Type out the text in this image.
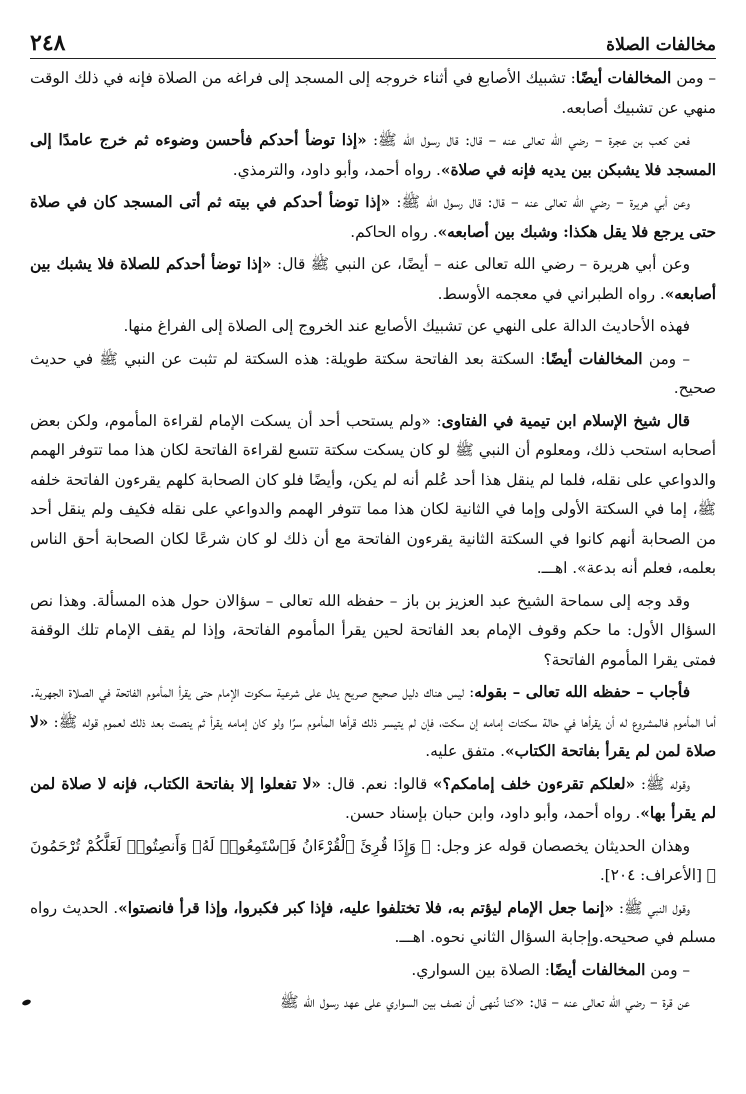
مخالفات الصلاة
٢٤٨

– ومن المخالفات أيضًا: تشبيك الأصابع في أثناء خروجه إلى المسجد إلى فراغه من الصلاة فإنه في ذلك الوقت منهي عن تشبيك أصابعه.

فعن كعب بن عجرة – رضي الله تعالى عنه – قال: قال رسول الله ﷺ: «إذا توضأ أحدكم فأحسن وضوءه ثم خرج عامدًا إلى المسجد فلا يشبكن بين يديه فإنه في صلاة». رواه أحمد، وأبو داود، والترمذي.

وعن أبي هريرة – رضي الله تعالى عنه – قال: قال رسول الله ﷺ: «إذا توضأ أحدكم في بيته ثم أتى المسجد كان في صلاة حتى يرجع فلا يقل هكذا: وشبك بين أصابعه». رواه الحاكم.

وعن أبي هريرة – رضي الله تعالى عنه – أيضًا، عن النبي ﷺ قال: «إذا توضأ أحدكم للصلاة فلا يشبك بين أصابعه». رواه الطبراني في معجمه الأوسط.

فهذه الأحاديث الدالة على النهي عن تشبيك الأصابع عند الخروج إلى الصلاة إلى الفراغ منها.

– ومن المخالفات أيضًا: السكتة بعد الفاتحة سكتة طويلة: هذه السكتة لم تثبت عن النبي ﷺ في حديث صحيح.

قال شيخ الإسلام ابن تيمية في الفتاوى: «ولم يستحب أحد أن يسكت الإمام لقراءة المأموم، ولكن بعض أصحابه استحب ذلك، ومعلوم أن النبي ﷺ لو كان يسكت سكتة تتسع لقراءة الفاتحة لكان هذا مما تتوفر الهمم والدواعي على نقله، فلما لم ينقل هذا أحد عُلم أنه لم يكن، وأيضًا فلو كان الصحابة كلهم يقرءون الفاتحة خلفه ﷺ، إما في السكتة الأولى وإما في الثانية لكان هذا مما تتوفر الهمم والدواعي على نقله فكيف ولم ينقل أحد من الصحابة أنهم كانوا في السكتة الثانية يقرءون الفاتحة مع أن ذلك لو كان شرعًا لكان الصحابة أحق الناس بعلمه، فعلم أنه بدعة». اهـــ.

وقد وجه إلى سماحة الشيخ عبد العزيز بن باز – حفظه الله تعالى – سؤالان حول هذه المسألة. وهذا نص السؤال الأول: ما حكم وقوف الإمام بعد الفاتحة لحين يقرأ المأموم الفاتحة، وإذا لم يقف الإمام تلك الوقفة فمتى يقرا المأموم الفاتحة؟

فأجاب – حفظه الله تعالى – بقوله: ليس هناك دليل صحيح صريح يدل على شرعية سكوت الإمام حتى يقرأ المأموم الفاتحة في الصلاة الجهرية. أما المأموم فالمشروع له أن يقرأها في حالة سكتات إمامه إن سكت، فإن لم يتيسر ذلك قرأها المأموم سرًا ولو كان إمامه يقرأ ثم ينصت بعد ذلك لعموم قوله ﷺ: «لا صلاة لمن لم يقرأ بفاتحة الكتاب». متفق عليه.

وقوله ﷺ: «لعلكم تقرءون خلف إمامكم؟» قالوا: نعم. قال: «لا تفعلوا إلا بفاتحة الكتاب، فإنه لا صلاة لمن لم يقرأ بها». رواه أحمد، وأبو داود، وابن حبان بإسناد حسن.

وهذان الحديثان يخصصان قوله عز وجل: ﴿ وَإِذَا قُرِئَ ٱلْقُرْءَانُ فَٱسْتَمِعُوا۟ لَهُۥ وَأَنصِتُوا۟ لَعَلَّكُمْ تُرْحَمُونَ ﴾ [الأعراف: ٢٠٤].

وقول النبي ﷺ: «إنما جعل الإمام ليؤتم به، فلا تختلفوا عليه، فإذا كبر فكبروا، وإذا قرأ فانصتوا». الحديث رواه مسلم في صحيحه.وإجابة السؤال الثاني نحوه. اهـــ.

– ومن المخالفات أيضًا: الصلاة بين السواري.

عن قرة – رضي الله تعالى عنه – قال: «كنا نُنهى أن نصف بين السواري على عهد رسول الله ﷺ
